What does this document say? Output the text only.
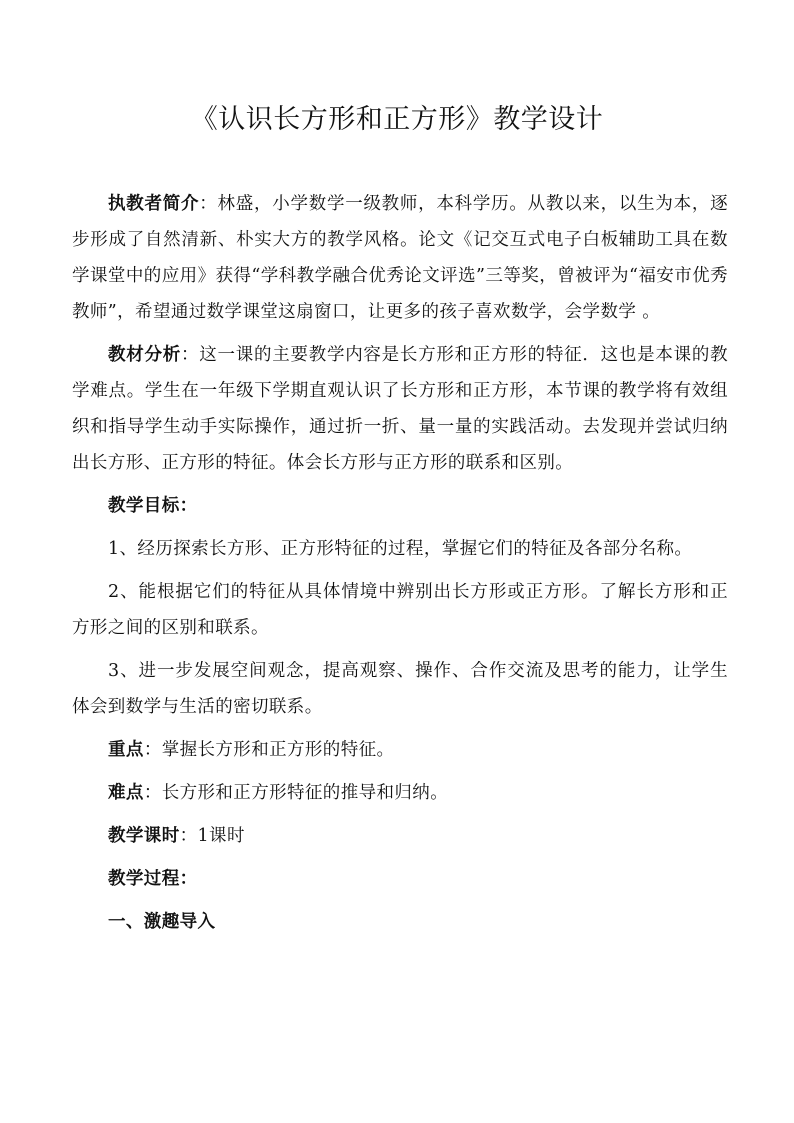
《认识长方形和正方形》教学设计

执教者简介：林盛，小学数学一级教师，本科学历。从教以来，以生为本，逐步形成了自然清新、朴实大方的教学风格。论文《记交互式电子白板辅助工具在数学课堂中的应用》获得“学科教学融合优秀论文评选”三等奖，曾被评为“福安市优秀教师”，希望通过数学课堂这扇窗口，让更多的孩子喜欢数学，会学数学 。

教材分析：这一课的主要教学内容是长方形和正方形的特征．这也是本课的教学难点。学生在一年级下学期直观认识了长方形和正方形，本节课的教学将有效组织和指导学生动手实际操作，通过折一折、量一量的实践活动。去发现并尝试归纳出长方形、正方形的特征。体会长方形与正方形的联系和区别。

教学目标：

1、经历探索长方形、正方形特征的过程，掌握它们的特征及各部分名称。

2、能根据它们的特征从具体情境中辨别出长方形或正方形。了解长方形和正方形之间的区别和联系。

3、进一步发展空间观念，提高观察、操作、合作交流及思考的能力，让学生体会到数学与生活的密切联系。

重点：掌握长方形和正方形的特征。

难点：长方形和正方形特征的推导和归纳。

教学课时：1课时

教学过程：

一、激趣导入
